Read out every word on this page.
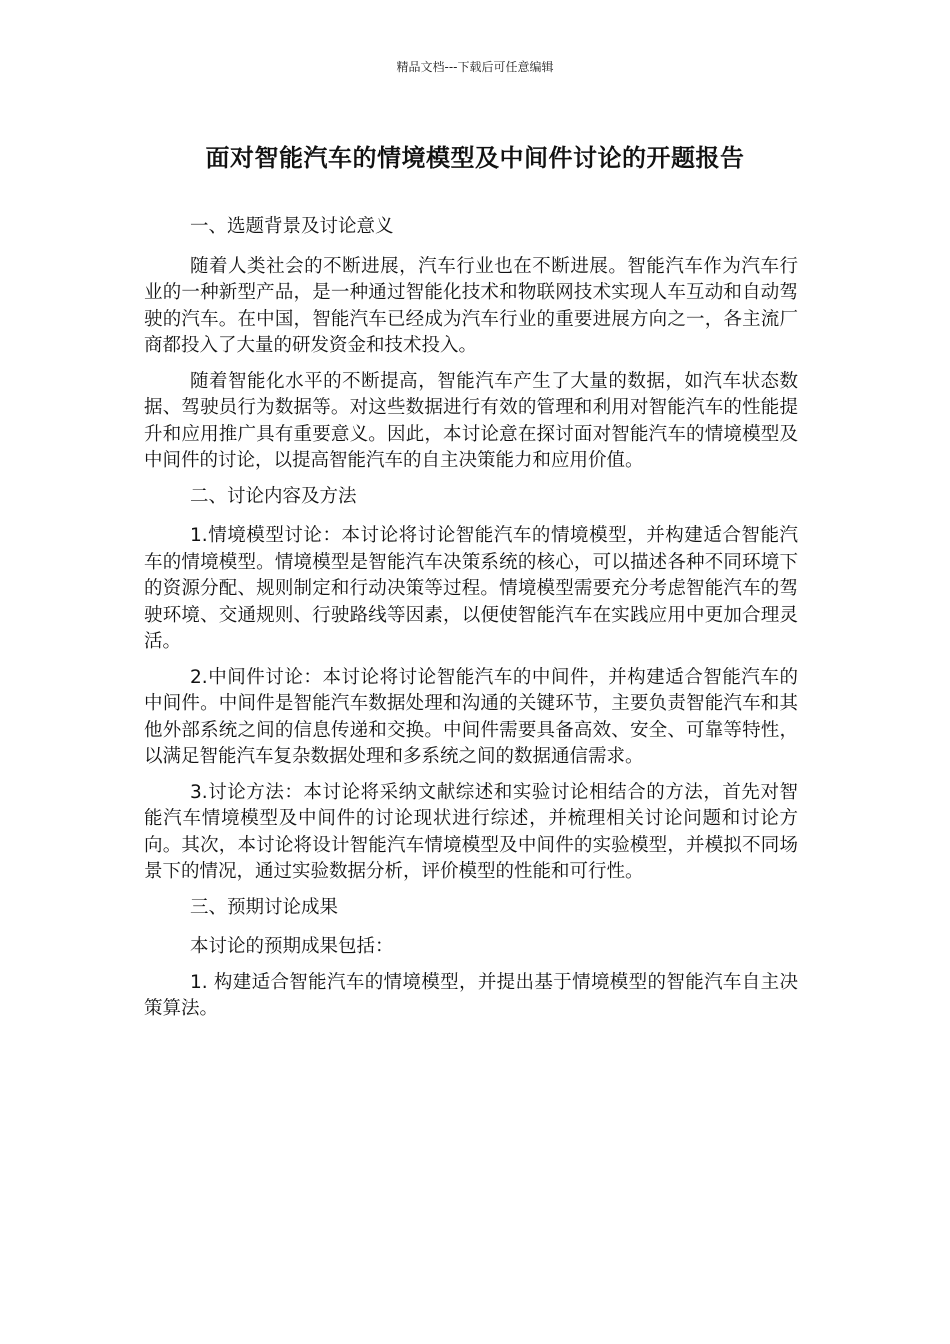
精品文档---下载后可任意编辑
面对智能汽车的情境模型及中间件讨论的开题报告

一、选题背景及讨论意义

随着人类社会的不断进展，汽车行业也在不断进展。智能汽车作为汽车行业的一种新型产品，是一种通过智能化技术和物联网技术实现人车互动和自动驾驶的汽车。在中国，智能汽车已经成为汽车行业的重要进展方向之一，各主流厂商都投入了大量的研发资金和技术投入。

随着智能化水平的不断提高，智能汽车产生了大量的数据，如汽车状态数据、驾驶员行为数据等。对这些数据进行有效的管理和利用对智能汽车的性能提升和应用推广具有重要意义。因此，本讨论意在探讨面对智能汽车的情境模型及中间件的讨论，以提高智能汽车的自主决策能力和应用价值。

二、讨论内容及方法

1.情境模型讨论：本讨论将讨论智能汽车的情境模型，并构建适合智能汽车的情境模型。情境模型是智能汽车决策系统的核心，可以描述各种不同环境下的资源分配、规则制定和行动决策等过程。情境模型需要充分考虑智能汽车的驾驶环境、交通规则、行驶路线等因素，以便使智能汽车在实践应用中更加合理灵活。

2.中间件讨论：本讨论将讨论智能汽车的中间件，并构建适合智能汽车的中间件。中间件是智能汽车数据处理和沟通的关键环节，主要负责智能汽车和其他外部系统之间的信息传递和交换。中间件需要具备高效、安全、可靠等特性，以满足智能汽车复杂数据处理和多系统之间的数据通信需求。

3.讨论方法：本讨论将采纳文献综述和实验讨论相结合的方法，首先对智能汽车情境模型及中间件的讨论现状进行综述，并梳理相关讨论问题和讨论方向。其次，本讨论将设计智能汽车情境模型及中间件的实验模型，并模拟不同场景下的情况，通过实验数据分析，评价模型的性能和可行性。

三、预期讨论成果

本讨论的预期成果包括：

1. 构建适合智能汽车的情境模型，并提出基于情境模型的智能汽车自主决策算法。
